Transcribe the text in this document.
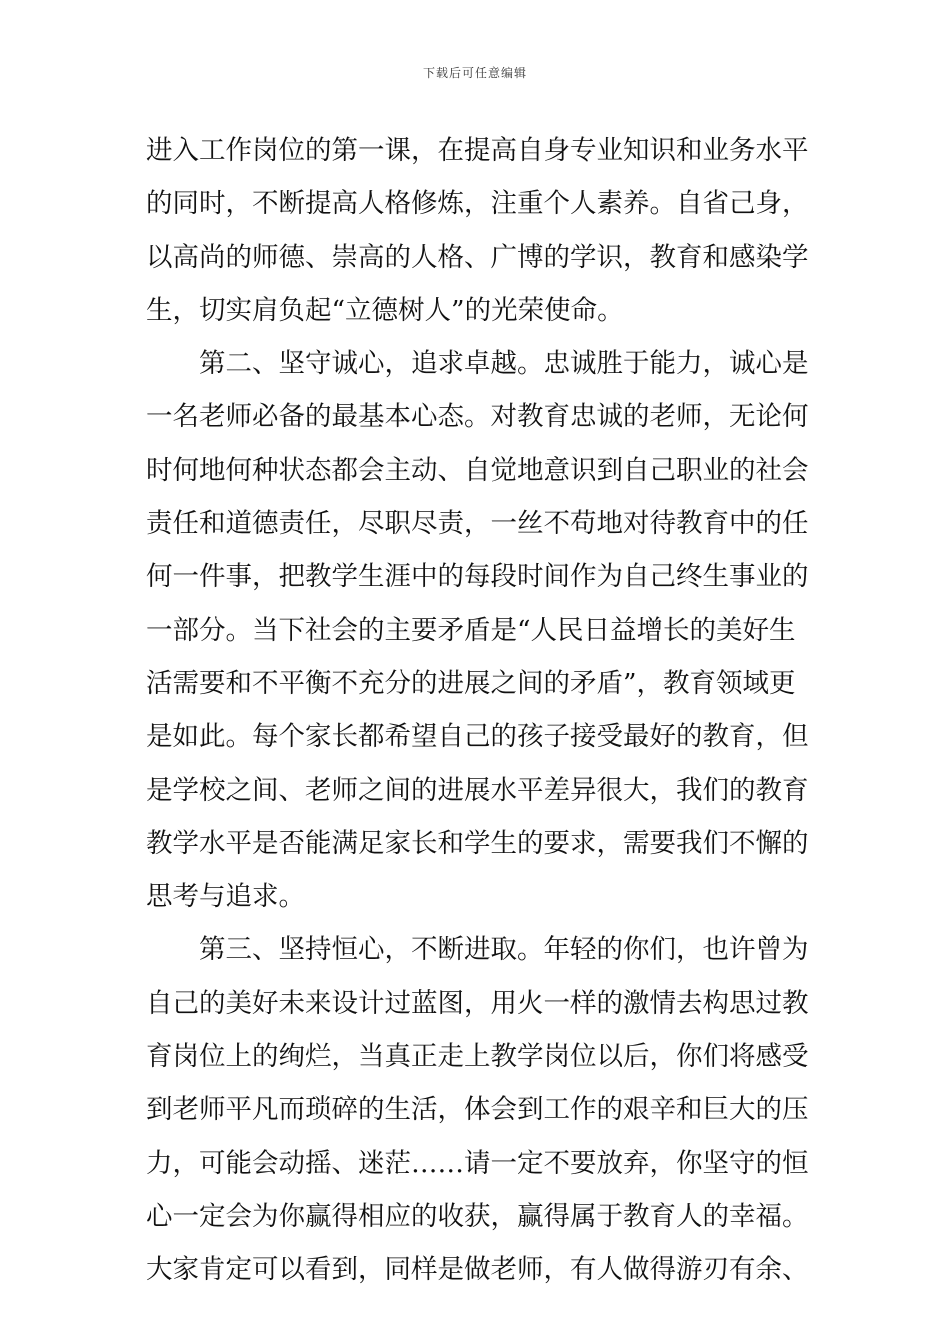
下载后可任意编辑
进入工作岗位的第一课，在提高自身专业知识和业务水平
的同时，不断提高人格修炼，注重个人素养。自省己身，
以高尚的师德、崇高的人格、广博的学识，教育和感染学
生，切实肩负起“立德树人”的光荣使命。
第二、坚守诚心，追求卓越。忠诚胜于能力，诚心是
一名老师必备的最基本心态。对教育忠诚的老师，无论何
时何地何种状态都会主动、自觉地意识到自己职业的社会
责任和道德责任，尽职尽责，一丝不苟地对待教育中的任
何一件事，把教学生涯中的每段时间作为自己终生事业的
一部分。当下社会的主要矛盾是“人民日益增长的美好生
活需要和不平衡不充分的进展之间的矛盾”，教育领域更
是如此。每个家长都希望自己的孩子接受最好的教育，但
是学校之间、老师之间的进展水平差异很大，我们的教育
教学水平是否能满足家长和学生的要求，需要我们不懈的
思考与追求。
第三、坚持恒心，不断进取。年轻的你们，也许曾为
自己的美好未来设计过蓝图，用火一样的激情去构思过教
育岗位上的绚烂，当真正走上教学岗位以后，你们将感受
到老师平凡而琐碎的生活，体会到工作的艰辛和巨大的压
力，可能会动摇、迷茫……请一定不要放弃，你坚守的恒
心一定会为你赢得相应的收获，赢得属于教育人的幸福。
大家肯定可以看到，同样是做老师，有人做得游刃有余、
